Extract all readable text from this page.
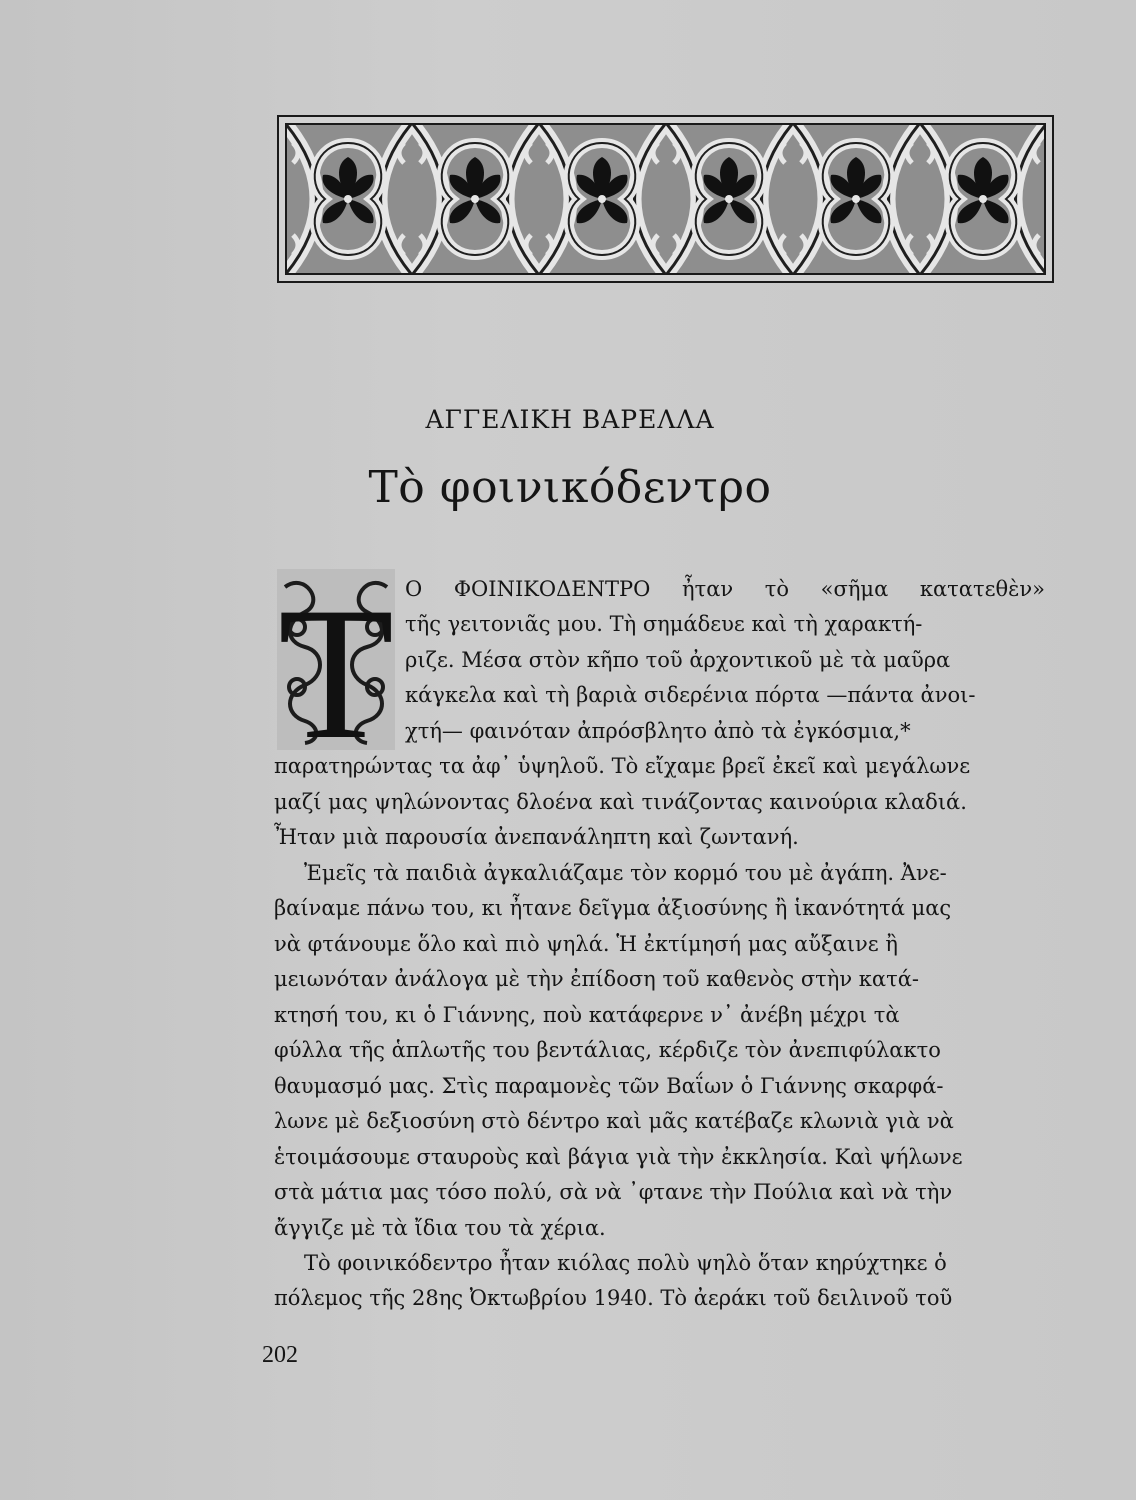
ΑΓΓΕΛΙΚΗ ΒΑΡΕΛΛΑ
Τὸ φοινικόδεντρο
Τ Ο ΦΟΙΝΙΚΟΔΕΝΤΡΟ ἦταν τὸ «σῆμα κατατεθὲν»
τῆς γειτονιᾶς μου. Τὴ σημάδευε καὶ τὴ χαρακτή-
ριζε. Μέσα στὸν κῆπο τοῦ ἀρχοντικοῦ μὲ τὰ μαῦρα
κάγκελα καὶ τὴ βαριὰ σιδερένια πόρτα —πάντα ἀνοι-
χτή— φαινόταν ἀπρόσβλητο ἀπὸ τὰ ἐγκόσμια,*
παρατηρώντας τα ἀφ᾽ ὑψηλοῦ. Τὸ εἴχαμε βρεῖ ἐκεῖ καὶ μεγάλωνε
μαζί μας ψηλώνοντας δλοένα καὶ τινάζοντας καινούρια κλαδιά.
Ἦταν μιὰ παρουσία ἀνεπανάληπτη καὶ ζωντανή.
Ἐμεῖς τὰ παιδιὰ ἀγκαλιάζαμε τὸν κορμό του μὲ ἀγάπη. Ἀνε-
βαίναμε πάνω του, κι ἦτανε δεῖγμα ἀξιοσύνης ἢ ἱκανότητά μας
νὰ φτάνουμε ὅλο καὶ πιὸ ψηλά. Ἡ ἐκτίμησή μας αὔξαινε ἢ
μειωνόταν ἀνάλογα μὲ τὴν ἐπίδοση τοῦ καθενὸς στὴν κατά-
κτησή του, κι ὁ Γιάννης, ποὺ κατάφερνε ν᾽ ἀνέβη μέχρι τὰ
φύλλα τῆς ἁπλωτῆς του βεντάλιας, κέρδιζε τὸν ἀνεπιφύλακτο
θαυμασμό μας. Στὶς παραμονὲς τῶν Βαΐων ὁ Γιάννης σκαρφά-
λωνε μὲ δεξιοσύνη στὸ δέντρο καὶ μᾶς κατέβαζε κλωνιὰ γιὰ νὰ
ἑτοιμάσουμε σταυροὺς καὶ βάγια γιὰ τὴν ἐκκλησία. Καὶ ψήλωνε
στὰ μάτια μας τόσο πολύ, σὰ νὰ ᾽φτανε τὴν Πούλια καὶ νὰ τὴν
ἄγγιζε μὲ τὰ ἴδια του τὰ χέρια.
Τὸ φοινικόδεντρο ἦταν κιόλας πολὺ ψηλὸ ὅταν κηρύχτηκε ὁ
πόλεμος τῆς 28ης Ὀκτωβρίου 1940. Τὸ ἀεράκι τοῦ δειλινοῦ τοῦ
202
